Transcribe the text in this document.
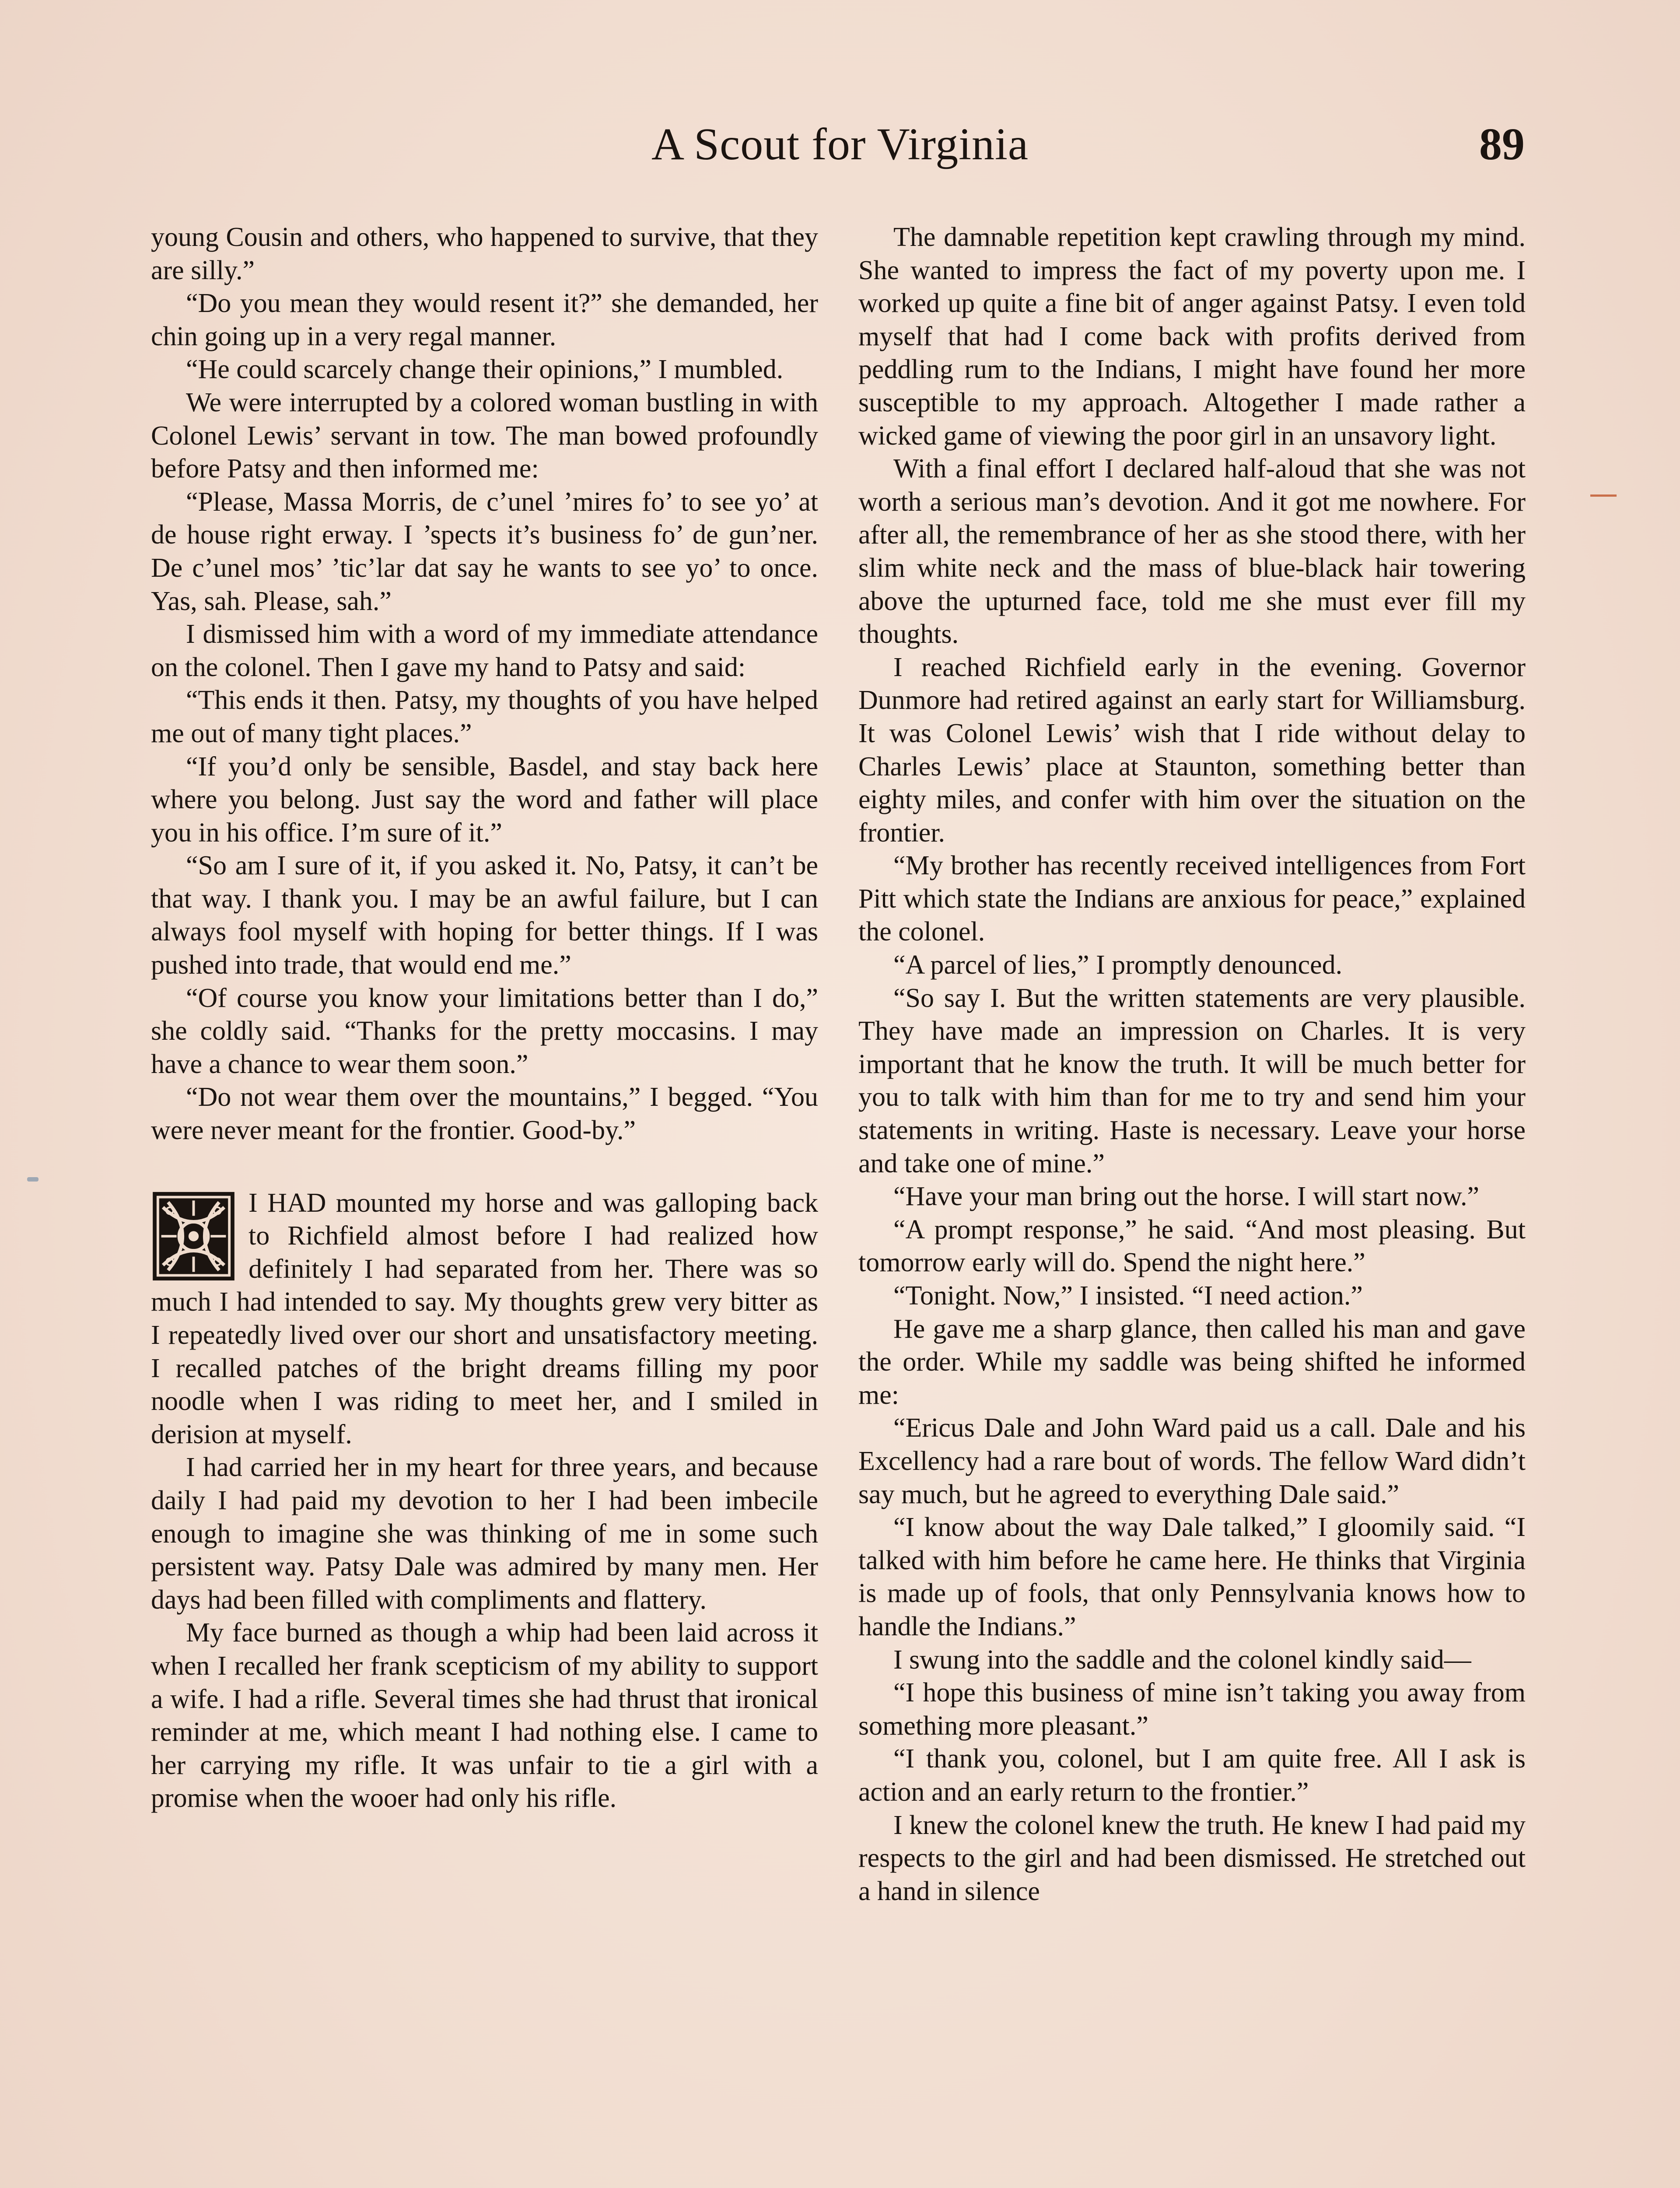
A Scout for Virginia	89

young Cousin and others, who happened to survive, that they are silly.”

“Do you mean they would resent it?” she demanded, her chin going up in a very regal manner.

“He could scarcely change their opinions,” I mumbled.

We were interrupted by a colored woman bustling in with Colonel Lewis’ servant in tow. The man bowed profoundly before Patsy and then informed me:

“Please, Massa Morris, de c’unel ’mires fo’ to see yo’ at de house right erway. I ’spects it’s business fo’ de gun’ner. De c’unel mos’ ’tic’lar dat say he wants to see yo’ to once. Yas, sah. Please, sah.”

I dismissed him with a word of my immediate attendance on the colonel. Then I gave my hand to Patsy and said:

“This ends it then. Patsy, my thoughts of you have helped me out of many tight places.”

“If you’d only be sensible, Basdel, and stay back here where you belong. Just say the word and father will place you in his office. I’m sure of it.”

“So am I sure of it, if you asked it. No, Patsy, it can’t be that way. I thank you. I may be an awful failure, but I can always fool myself with hoping for better things. If I was pushed into trade, that would end me.”

“Of course you know your limitations better than I do,” she coldly said. “Thanks for the pretty moccasins. I may have a chance to wear them soon.”

“Do not wear them over the mountains,” I begged. “You were never meant for the frontier. Good-by.”

I HAD mounted my horse and was galloping back to Richfield almost before I had realized how definitely I had separated from her. There was so much I had intended to say. My thoughts grew very bitter as I repeatedly lived over our short and unsatisfactory meeting. I recalled patches of the bright dreams filling my poor noodle when I was riding to meet her, and I smiled in derision at myself.

I had carried her in my heart for three years, and because daily I had paid my devotion to her I had been imbecile enough to imagine she was thinking of me in some such persistent way. Patsy Dale was admired by many men. Her days had been filled with compliments and flattery.

My face burned as though a whip had been laid across it when I recalled her frank scepticism of my ability to support a wife. I had a rifle. Several times she had thrust that ironical reminder at me, which meant I had nothing else. I came to her carrying my rifle. It was unfair to tie a girl with a promise when the wooer had only his rifle.

The damnable repetition kept crawling through my mind. She wanted to impress the fact of my poverty upon me. I worked up quite a fine bit of anger against Patsy. I even told myself that had I come back with profits derived from peddling rum to the Indians, I might have found her more susceptible to my approach. Altogether I made rather a wicked game of viewing the poor girl in an unsavory light.

With a final effort I declared half-aloud that she was not worth a serious man’s devotion. And it got me nowhere. For after all, the remembrance of her as she stood there, with her slim white neck and the mass of blue-black hair towering above the upturned face, told me she must ever fill my thoughts.

I reached Richfield early in the evening. Governor Dunmore had retired against an early start for Williamsburg. It was Colonel Lewis’ wish that I ride without delay to Charles Lewis’ place at Staunton, something better than eighty miles, and confer with him over the situation on the frontier.

“My brother has recently received intelligences from Fort Pitt which state the Indians are anxious for peace,” explained the colonel.

“A parcel of lies,” I promptly denounced.

“So say I. But the written statements are very plausible. They have made an impression on Charles. It is very important that he know the truth. It will be much better for you to talk with him than for me to try and send him your statements in writing. Haste is necessary. Leave your horse and take one of mine.”

“Have your man bring out the horse. I will start now.”

“A prompt response,” he said. “And most pleasing. But tomorrow early will do. Spend the night here.”

“Tonight. Now,” I insisted. “I need action.”

He gave me a sharp glance, then called his man and gave the order. While my saddle was being shifted he informed me:

“Ericus Dale and John Ward paid us a call. Dale and his Excellency had a rare bout of words. The fellow Ward didn’t say much, but he agreed to everything Dale said.”

“I know about the way Dale talked,” I gloomily said. “I talked with him before he came here. He thinks that Virginia is made up of fools, that only Pennsylvania knows how to handle the Indians.”

I swung into the saddle and the colonel kindly said—

“I hope this business of mine isn’t taking you away from something more pleasant.”

“I thank you, colonel, but I am quite free. All I ask is action and an early return to the frontier.”

I knew the colonel knew the truth. He knew I had paid my respects to the girl and had been dismissed. He stretched out a hand in silence
